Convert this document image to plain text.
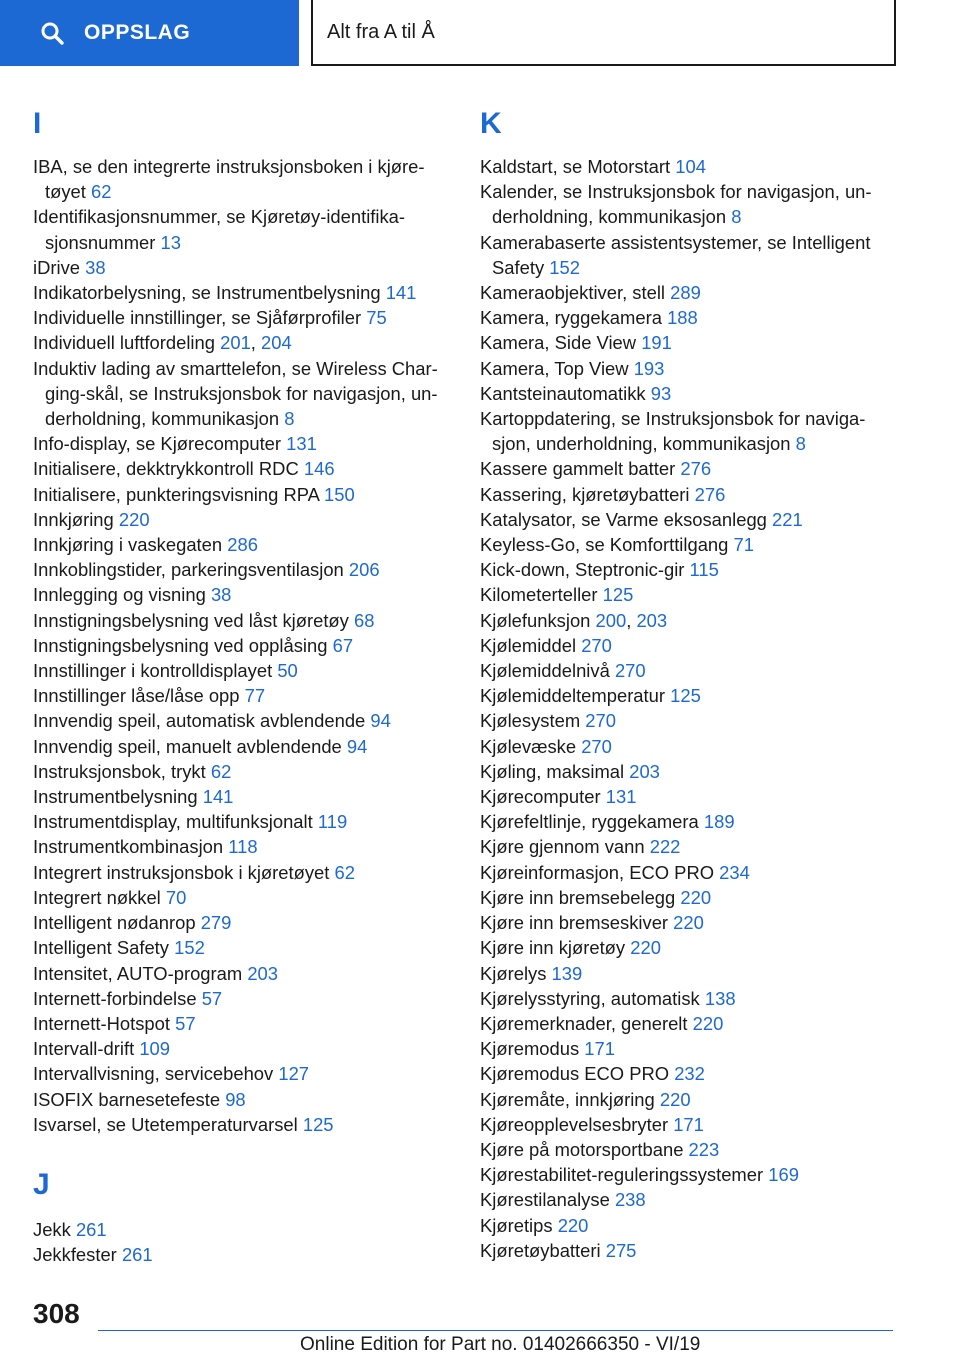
OPPSLAG	Alt fra A til Å
I
IBA, se den integrerte instruksjonsboken i kjøre‐tøyet 62
Identifikasjonsnummer, se Kjøretøy-identifika‐sjonsnummer 13
iDrive 38
Indikatorbelysning, se Instrumentbelysning 141
Individuelle innstillinger, se Sjåførprofiler 75
Individuell luftfordeling 201, 204
Induktiv lading av smarttelefon, se Wireless Char‐ging-skål, se Instruksjonsbok for navigasjon, un‐derholdning, kommunikasjon 8
Info-display, se Kjørecomputer 131
Initialisere, dekktrykkontroll RDC 146
Initialisere, punkteringsvisning RPA 150
Innkjøring 220
Innkjøring i vaskegaten 286
Innkoblingstider, parkeringsventilasjon 206
Innlegging og visning 38
Innstigningsbelysning ved låst kjøretøy 68
Innstigningsbelysning ved opplåsing 67
Innstillinger i kontrolldisplayet 50
Innstillinger låse/låse opp 77
Innvendig speil, automatisk avblendende 94
Innvendig speil, manuelt avblendende 94
Instruksjonsbok, trykt 62
Instrumentbelysning 141
Instrumentdisplay, multifunksjonalt 119
Instrumentkombinasjon 118
Integrert instruksjonsbok i kjøretøyet 62
Integrert nøkkel 70
Intelligent nødanrop 279
Intelligent Safety 152
Intensitet, AUTO-program 203
Internett-forbindelse 57
Internett-Hotspot 57
Intervall-drift 109
Intervallvisning, servicebehov 127
ISOFIX barnesetefeste 98
Isvarsel, se Utetemperaturvarsel 125
J
Jekk 261
Jekkfester 261
K
Kaldstart, se Motorstart 104
Kalender, se Instruksjonsbok for navigasjon, un‐derholdning, kommunikasjon 8
Kamerabaserte assistentsystemer, se Intelligent Safety 152
Kameraobjektiver, stell 289
Kamera, ryggekamera 188
Kamera, Side View 191
Kamera, Top View 193
Kantsteinautomatikk 93
Kartoppdatering, se Instruksjonsbok for naviga‐sjon, underholdning, kommunikasjon 8
Kassere gammelt batter 276
Kassering, kjøretøybatteri 276
Katalysator, se Varme eksosanlegg 221
Keyless-Go, se Komforttilgang 71
Kick-down, Steptronic-gir 115
Kilometerteller 125
Kjølefunksjon 200, 203
Kjølemiddel 270
Kjølemiddelnivå 270
Kjølemiddeltemperatur 125
Kjølesystem 270
Kjølevæske 270
Kjøling, maksimal 203
Kjørecomputer 131
Kjørefeltlinje, ryggekamera 189
Kjøre gjennom vann 222
Kjøreinformasjon, ECO PRO 234
Kjøre inn bremsebelegg 220
Kjøre inn bremseskiver 220
Kjøre inn kjøretøy 220
Kjørelys 139
Kjørelysstyring, automatisk 138
Kjøremerknader, generelt 220
Kjøremodus 171
Kjøremodus ECO PRO 232
Kjøremåte, innkjøring 220
Kjøreopplevelsesbryter 171
Kjøre på motorsportbane 223
Kjørestabilitet-reguleringssystemer 169
Kjørestilanalyse 238
Kjøretips 220
Kjøretøybatteri 275
308
Online Edition for Part no. 01402666350 - VI/19
